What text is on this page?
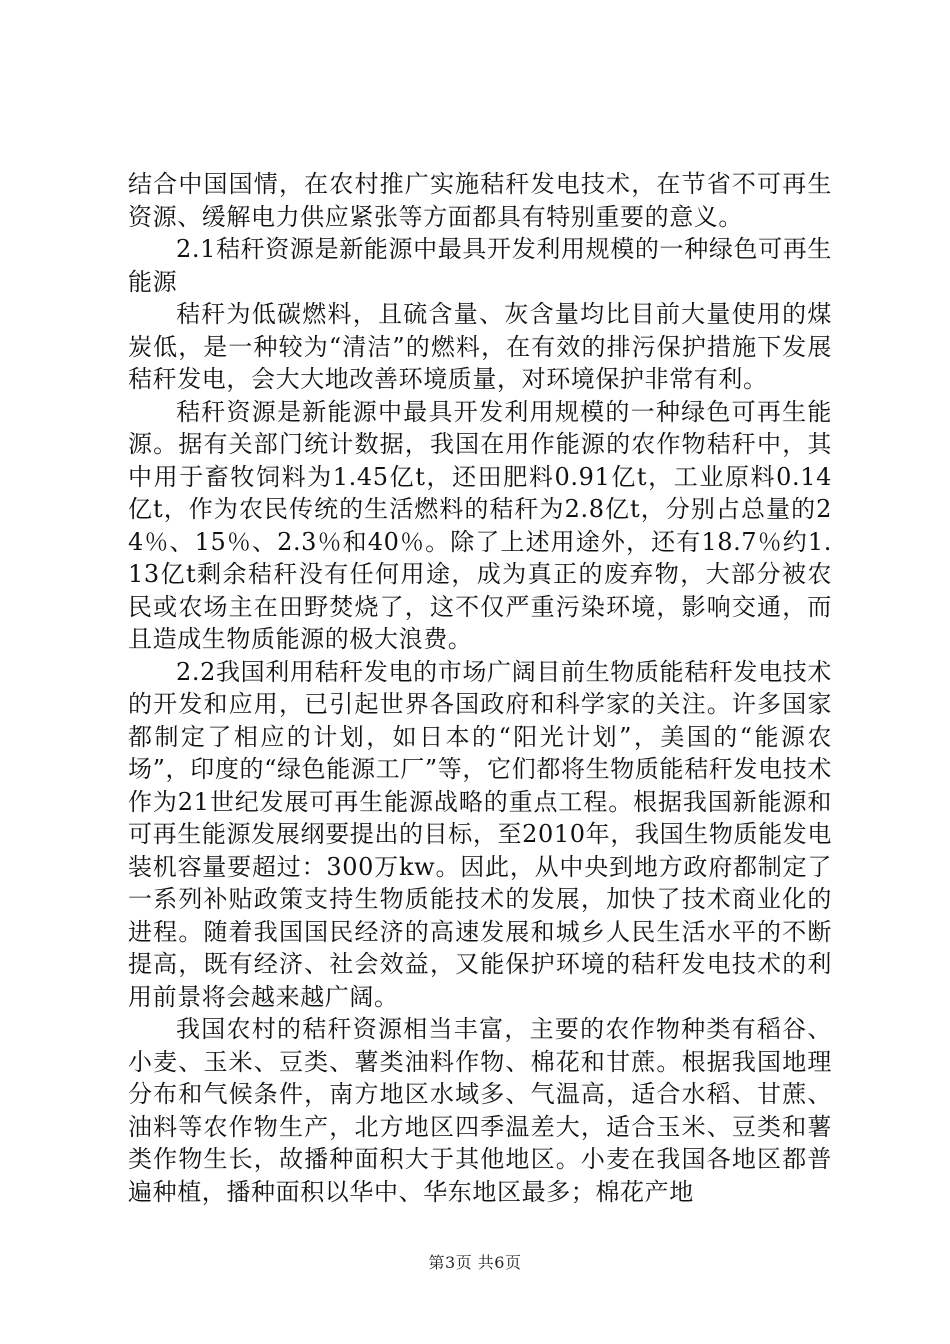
结合中国国情，在农村推广实施秸秆发电技术，在节省不可再生资源、缓解电力供应紧张等方面都具有特别重要的意义。

2.1秸秆资源是新能源中最具开发利用规模的一种绿色可再生能源

秸秆为低碳燃料，且硫含量、灰含量均比目前大量使用的煤炭低，是一种较为“清洁”的燃料，在有效的排污保护措施下发展秸秆发电，会大大地改善环境质量，对环境保护非常有利。

秸秆资源是新能源中最具开发利用规模的一种绿色可再生能源。据有关部门统计数据，我国在用作能源的农作物秸秆中，其中用于畜牧饲料为1.45亿t，还田肥料0.91亿t，工业原料0.14亿t，作为农民传统的生活燃料的秸秆为2.8亿t，分别占总量的24％、15％、2.3％和40％。除了上述用途外，还有18.7％约1.13亿t剩余秸秆没有任何用途，成为真正的废弃物，大部分被农民或农场主在田野焚烧了，这不仅严重污染环境，影响交通，而且造成生物质能源的极大浪费。

2.2我国利用秸秆发电的市场广阔目前生物质能秸秆发电技术的开发和应用，已引起世界各国政府和科学家的关注。许多国家都制定了相应的计划，如日本的“阳光计划”，美国的“能源农场”，印度的“绿色能源工厂”等，它们都将生物质能秸秆发电技术作为21世纪发展可再生能源战略的重点工程。根据我国新能源和可再生能源发展纲要提出的目标，至2010年，我国生物质能发电装机容量要超过：300万kw。因此，从中央到地方政府都制定了一系列补贴政策支持生物质能技术的发展，加快了技术商业化的进程。随着我国国民经济的高速发展和城乡人民生活水平的不断提高，既有经济、社会效益，又能保护环境的秸秆发电技术的利用前景将会越来越广阔。

我国农村的秸秆资源相当丰富，主要的农作物种类有稻谷、小麦、玉米、豆类、薯类油料作物、棉花和甘蔗。根据我国地理分布和气候条件，南方地区水域多、气温高，适合水稻、甘蔗、油料等农作物生产，北方地区四季温差大，适合玉米、豆类和薯类作物生长，故播种面积大于其他地区。小麦在我国各地区都普遍种植，播种面积以华中、华东地区最多；棉花产地

第3页 共6页
